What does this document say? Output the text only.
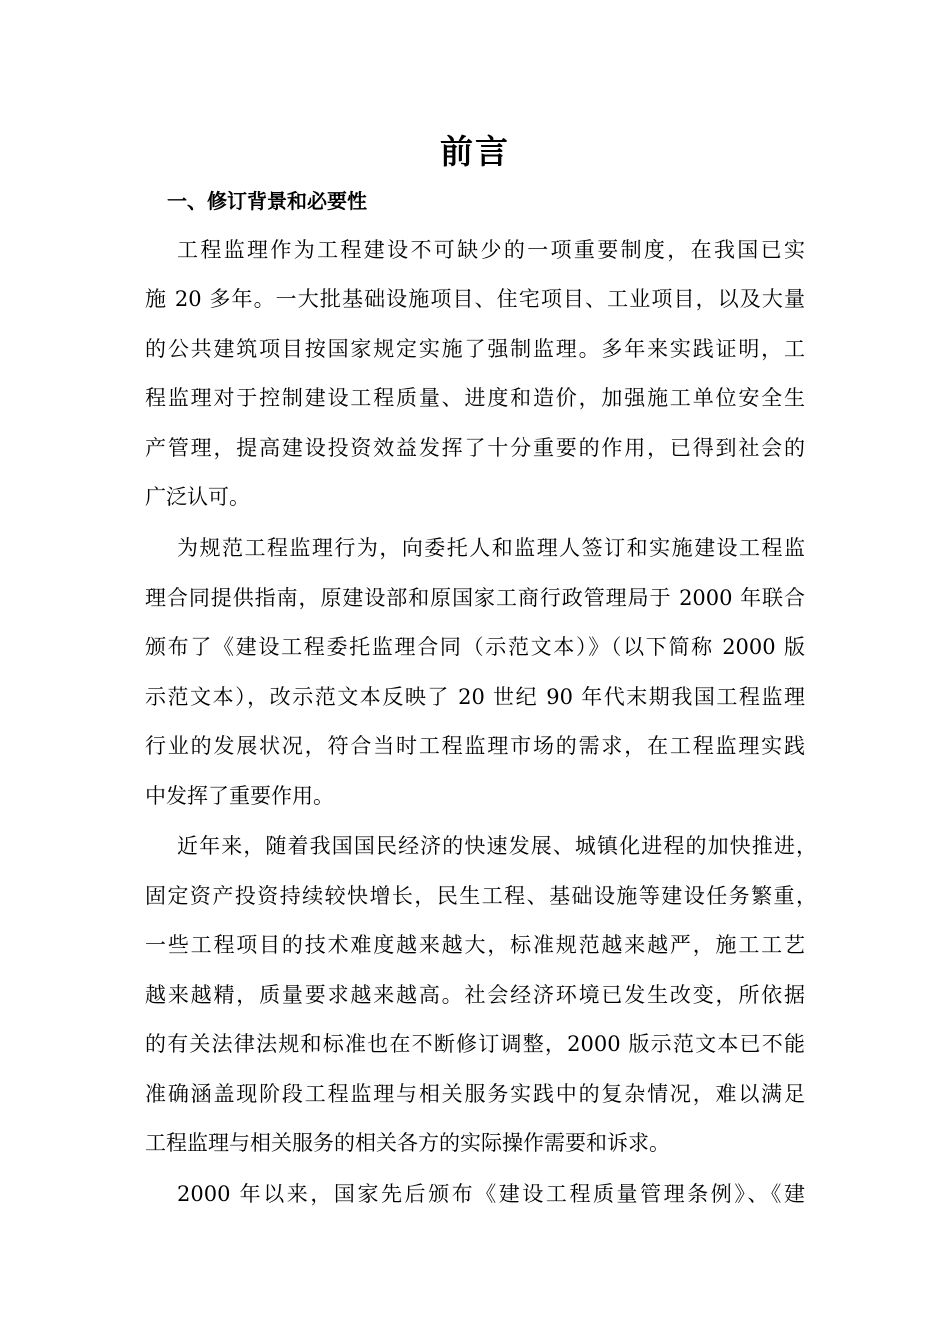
前言
一、修订背景和必要性
工程监理作为工程建设不可缺少的一项重要制度，在我国已实
施 20 多年。一大批基础设施项目、住宅项目、工业项目，以及大量
的公共建筑项目按国家规定实施了强制监理。多年来实践证明，工
程监理对于控制建设工程质量、进度和造价，加强施工单位安全生
产管理，提高建设投资效益发挥了十分重要的作用，已得到社会的
广泛认可。
为规范工程监理行为，向委托人和监理人签订和实施建设工程监
理合同提供指南，原建设部和原国家工商行政管理局于 2000 年联合
颁布了《建设工程委托监理合同（示范文本）》（以下简称 2000 版
示范文本），改示范文本反映了 20 世纪 90 年代末期我国工程监理
行业的发展状况，符合当时工程监理市场的需求，在工程监理实践
中发挥了重要作用。
近年来，随着我国国民经济的快速发展、城镇化进程的加快推进，
固定资产投资持续较快增长，民生工程、基础设施等建设任务繁重，
一些工程项目的技术难度越来越大，标准规范越来越严，施工工艺
越来越精，质量要求越来越高。社会经济环境已发生改变，所依据
的有关法律法规和标准也在不断修订调整，2000 版示范文本已不能
准确涵盖现阶段工程监理与相关服务实践中的复杂情况，难以满足
工程监理与相关服务的相关各方的实际操作需要和诉求。
2000 年以来，国家先后颁布《建设工程质量管理条例》、《建
